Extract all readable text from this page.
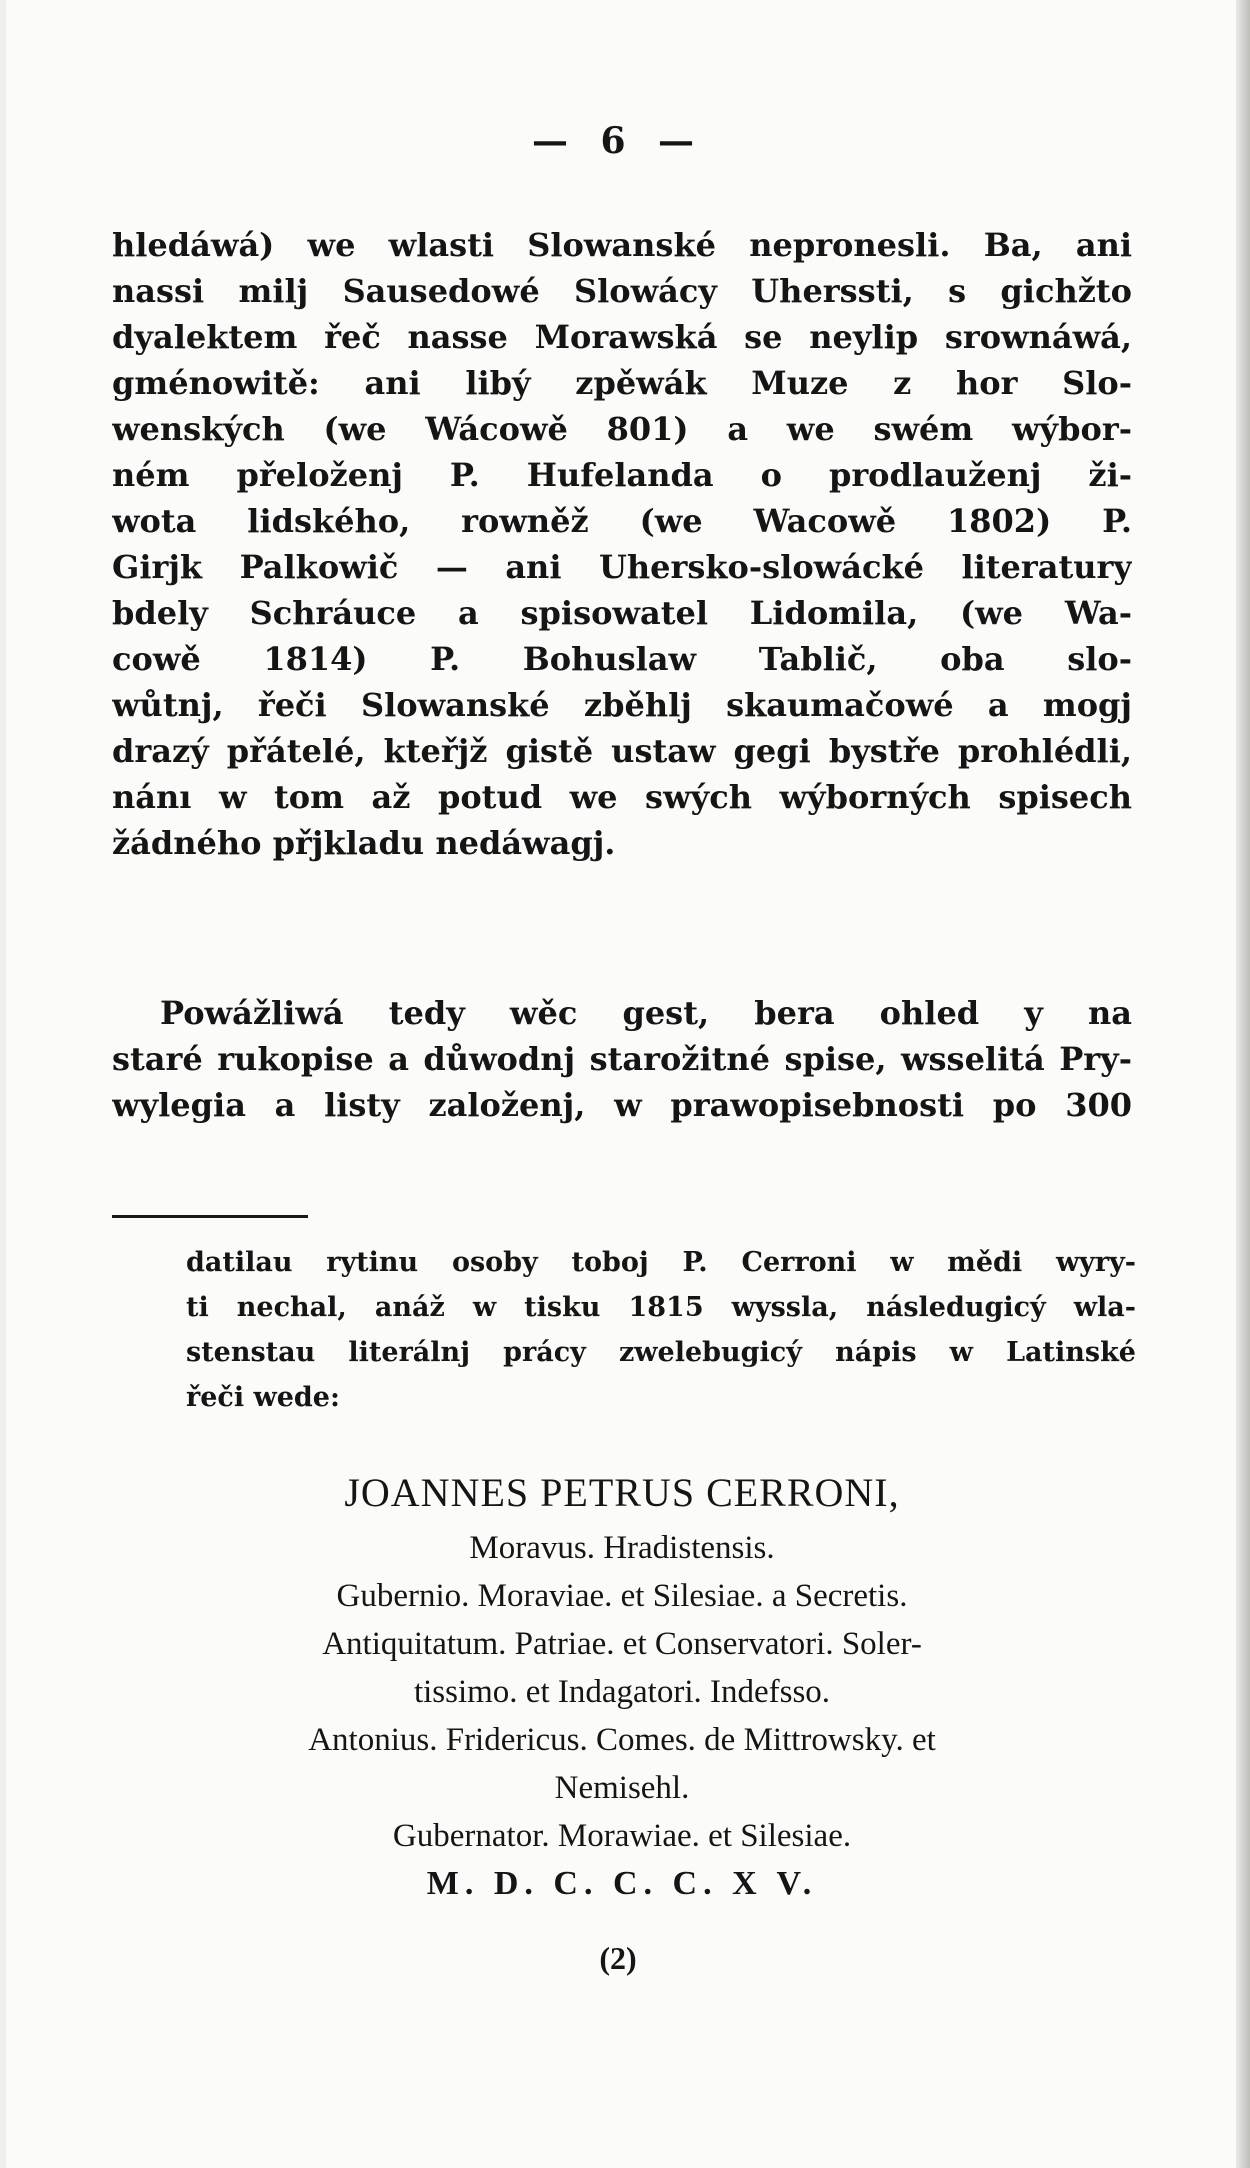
— 6 —
hledáwá) we wlasti Slowanské nepronesli. Ba, ani
nassi milj Sausedowé Slowácy Uherssti, s gichžto
dyalektem řeč nasse Morawská se neylip srownáwá,
gménowitě: ani libý zpěwák Muze z hor Slo-
wenských (we Wácowě 801) a we swém wýbor-
ném přeloženj P. Hufelanda o prodlauženj ži-
wota lidského, rowněž (we Wacowě 1802) P.
Girjk Palkowič — ani Uhersko-slowácké literatury
bdely Schráuce a spisowatel Lidomila, (we Wa-
cowě 1814) P. Bohuslaw Tablič, oba slo-
wůtnj, řeči Slowanské zběhlj skaumačowé a mogj
drazý přátelé, kteřjž gistě ustaw gegi bystře prohlédli,
nánı w tom až potud we swých wýborných spisech
žádného přjkladu nedáwagj.
Powážliwá tedy wěc gest, bera ohled y na
staré rukopise a důwodnj starožitné spise, wsselitá Pry-
wylegia a listy založenj, w prawopisebnosti po 300
datilau rytinu osoby toboj P. Cerroni w mědi wyry-
ti nechal, anáž w tisku 1815 wyssla, následugicý wla-
stenstau literálnj prácy zwelebugicý nápis w Latinské
řeči wede:
JOANNES PETRUS CERRONI,
Moravus. Hradistensis.
Gubernio. Moraviae. et Silesiae. a Secretis.
Antiquitatum. Patriae. et Conservatori. Soler-
tissimo. et Indagatori. Indefsso.
Antonius. Fridericus. Comes. de Mittrowsky. et
Nemisehl.
Gubernator. Morawiae. et Silesiae.
M. D. C. C. C. X V.
(2)
